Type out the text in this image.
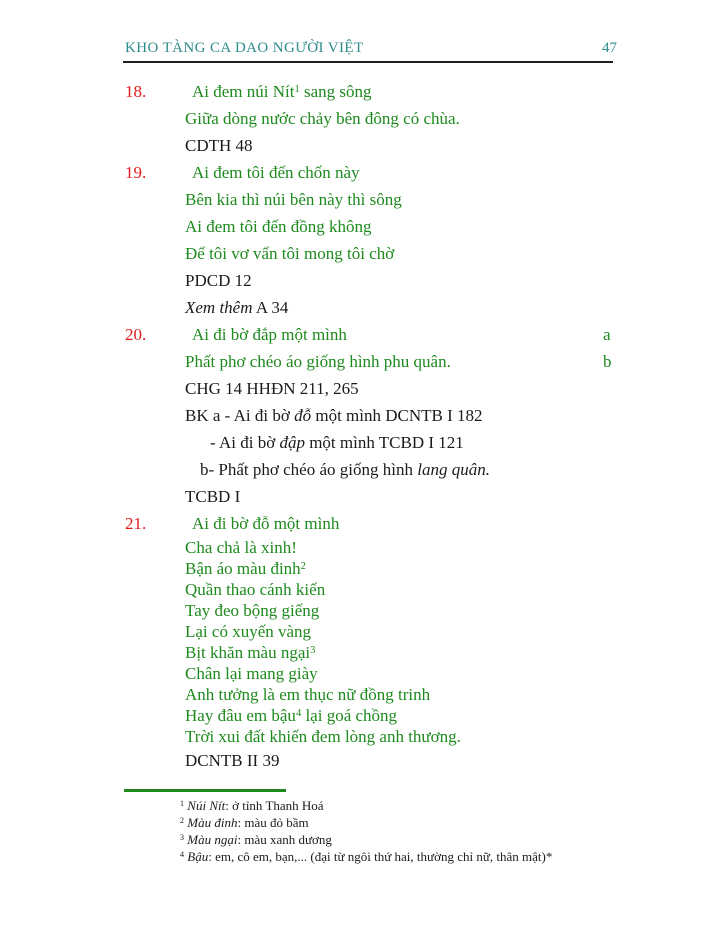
KHO TÀNG CA DAO NGƯỜI VIỆT	47
18.	Ai đem núi Nít$^1$ sang sông
Giữa dòng nước chảy bên đông có chùa.
CDTH 48
19.	Ai đem tôi đến chốn này
Bên kia thì núi bên này thì sông
Ai đem tôi đến đồng không
Để tôi vơ vẩn tôi mong tôi chờ
PDCD 12
Xem thêm A 34
20.	Ai đi bờ đắp một mình	a
Phất phơ chéo áo giống hình phu quân.	b
CHG 14 HHĐN 211, 265
BK a - Ai đi bờ đỗ một mình DCNTB I 182
- Ai đi bờ đập một mình TCBD I 121
b- Phất phơ chéo áo giống hình lang quân.
TCBD I
21.	Ai đi bờ đỗ một mình
Cha chả là xinh!
Bận áo màu đinh$^2$
Quần thao cánh kiến
Tay đeo bộng giếng
Lại có xuyến vàng
Bịt khăn màu ngại$^3$
Chân lại mang giày
Anh tưởng là em thục nữ đồng trinh
Hay đâu em bậu$^4$ lại goá chồng
Trời xui đất khiến đem lòng anh thương.
DCNTB II 39
$^1$ Núi Nít: ở tỉnh Thanh Hoá
$^2$ Màu đinh: màu đỏ bầm
$^3$ Màu ngại: màu xanh dương
$^4$ Bậu: em, cô em, bạn,... (đại từ ngôi thứ hai, thường chỉ nữ, thân mật)*
